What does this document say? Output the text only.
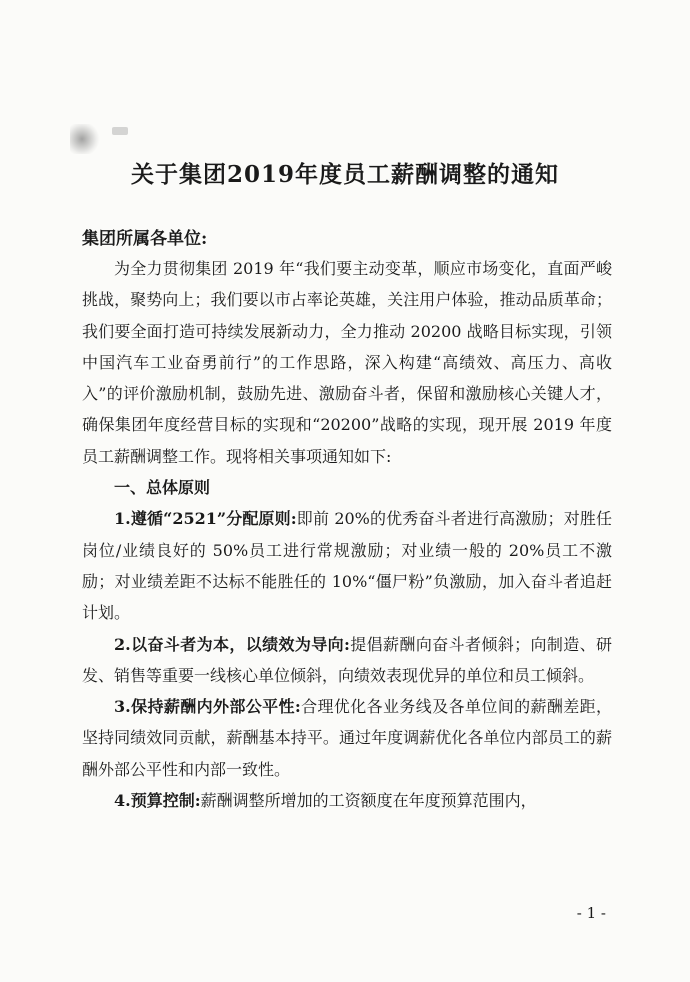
关于集团2019年度员工薪酬调整的通知

集团所属各单位:

为全力贯彻集团 2019 年“我们要主动变革，顺应市场变化，直面严峻挑战，聚势向上；我们要以市占率论英雄，关注用户体验，推动品质革命；我们要全面打造可持续发展新动力，全力推动 20200 战略目标实现，引领中国汽车工业奋勇前行”的工作思路，深入构建“高绩效、高压力、高收入”的评价激励机制，鼓励先进、激励奋斗者，保留和激励核心关键人才，确保集团年度经营目标的实现和“20200”战略的实现，现开展 2019 年度员工薪酬调整工作。现将相关事项通知如下:

一、总体原则

1.遵循“2521”分配原则:即前 20%的优秀奋斗者进行高激励；对胜任岗位/业绩良好的 50%员工进行常规激励；对业绩一般的 20%员工不激励；对业绩差距不达标不能胜任的 10%“僵尸粉”负激励，加入奋斗者追赶计划。

2.以奋斗者为本，以绩效为导向:提倡薪酬向奋斗者倾斜；向制造、研发、销售等重要一线核心单位倾斜，向绩效表现优异的单位和员工倾斜。

3.保持薪酬内外部公平性:合理优化各业务线及各单位间的薪酬差距，坚持同绩效同贡献，薪酬基本持平。通过年度调薪优化各单位内部员工的薪酬外部公平性和内部一致性。

4.预算控制:薪酬调整所增加的工资额度在年度预算范围内，

- 1 -
